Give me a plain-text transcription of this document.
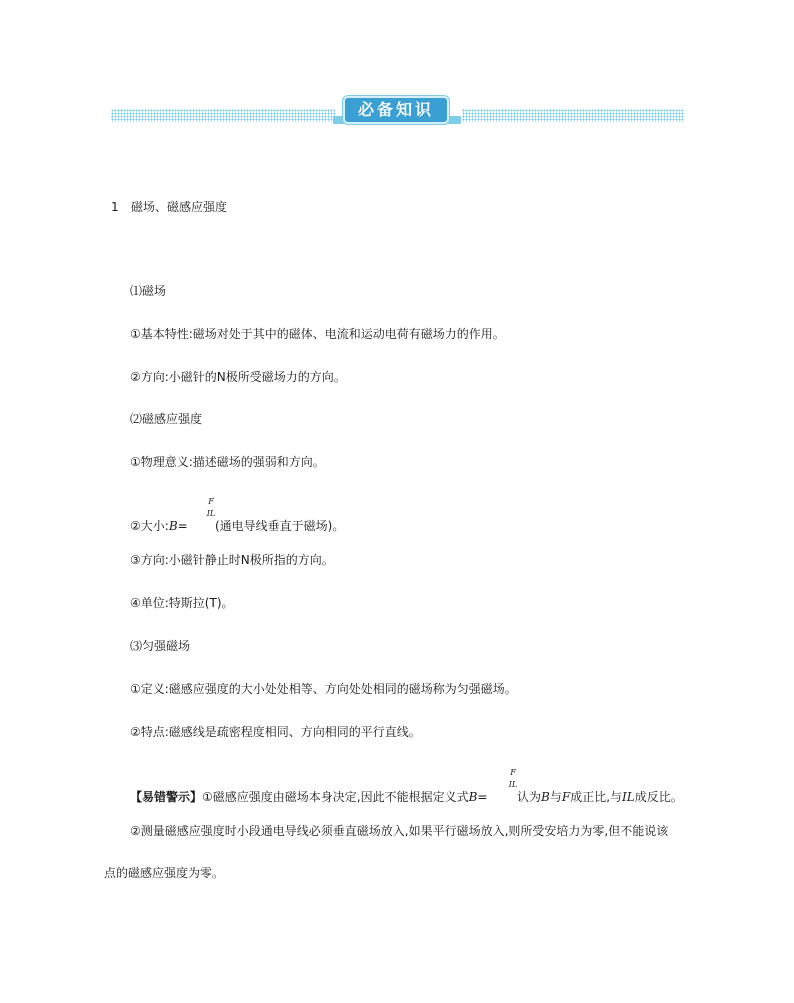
必备知识
1 磁场、磁感应强度
⑴磁场
①基本特性:磁场对处于其中的磁体、电流和运动电荷有磁场力的作用。
②方向:小磁针的N极所受磁场力的方向。
⑵磁感应强度
①物理意义:描述磁场的强弱和方向。
②大小:B=
F
IL
(通电导线垂直于磁场)。
③方向:小磁针静止时N极所指的方向。
④单位:特斯拉(T)。
⑶匀强磁场
①定义:磁感应强度的大小处处相等、方向处处相同的磁场称为匀强磁场。
②特点:磁感线是疏密程度相同、方向相同的平行直线。
【易错警示】①磁感应强度由磁场本身决定,因此不能根据定义式B=
F
IL
认为B与F成正比,与IL成反比。
②测量磁感应强度时小段通电导线必须垂直磁场放入,如果平行磁场放入,则所受安培力为零,但不能说该
点的磁感应强度为零。
